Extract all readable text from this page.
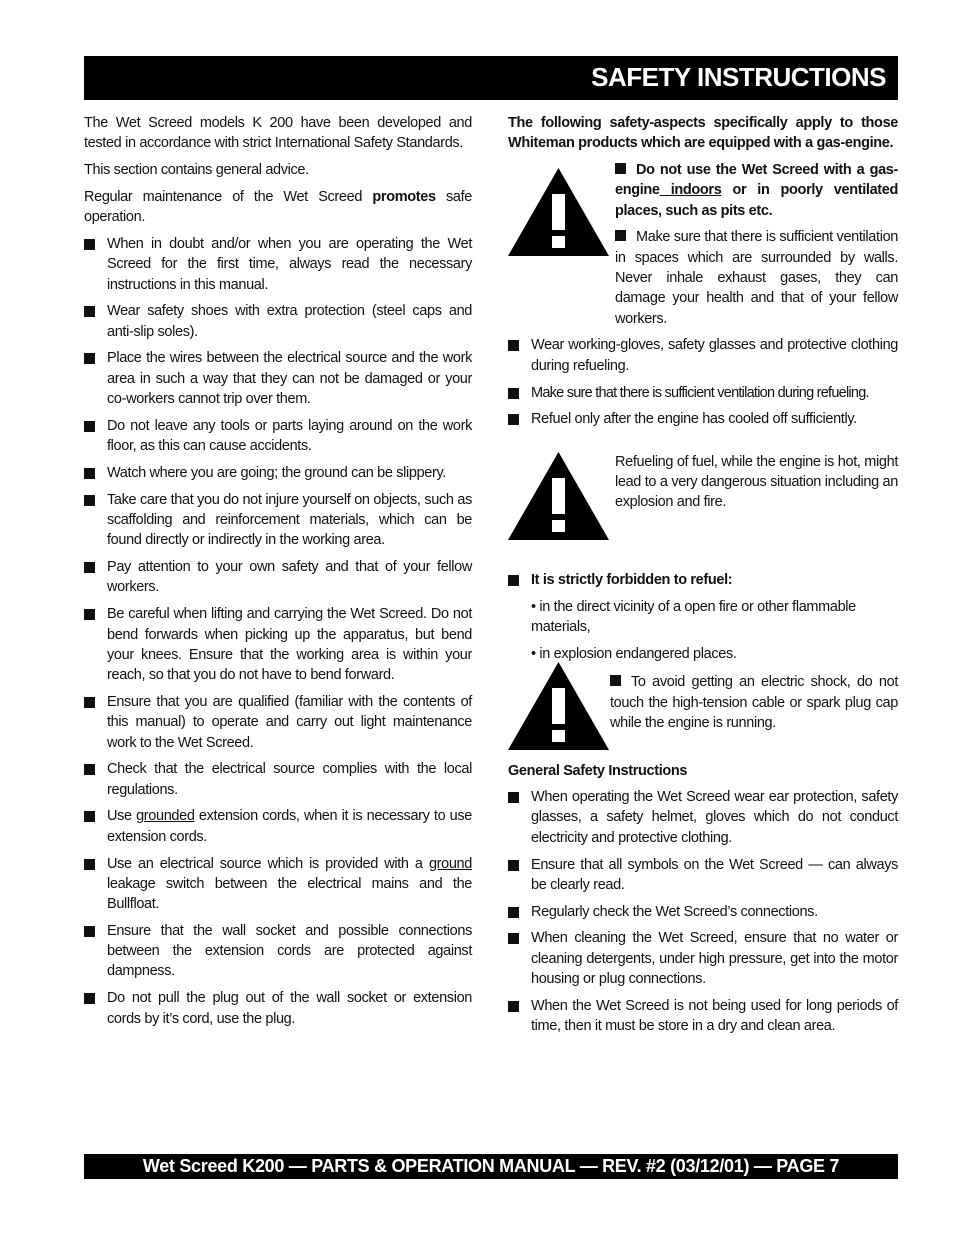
SAFETY INSTRUCTIONS

The Wet Screed models K 200 have been developed and tested in accordance with strict International Safety Standards.

This section contains general advice.

Regular maintenance of the Wet Screed promotes safe operation.

When in doubt and/or when you are operating the Wet Screed for the first time, always read the necessary instructions in this manual.
Wear safety shoes with extra protection (steel caps and anti-slip soles).
Place the wires between the electrical source and the work area in such a way that they can not be damaged or your co-workers cannot trip over them.
Do not leave any tools or parts laying around on the work floor, as this can cause accidents.
Watch where you are going; the ground can be slippery.
Take care that you do not injure yourself on objects, such as scaffolding and reinforcement materials, which can be found directly or indirectly in the working area.
Pay attention to your own safety and that of your fellow workers.
Be careful when lifting and carrying the Wet Screed. Do not bend forwards when picking up the apparatus, but bend your knees. Ensure that the working area is within your reach, so that you do not have to bend forward.
Ensure that you are qualified (familiar with the contents of this manual) to operate and carry out light maintenance work to the Wet Screed.
Check that the electrical source complies with the local regulations.
Use grounded extension cords, when it is necessary to use extension cords.
Use an electrical source which is provided with a ground leakage switch between the electrical mains and the Bullfloat.
Ensure that the wall socket and possible connections between the extension cords are protected against dampness.
Do not pull the plug out of the wall socket or extension cords by it’s cord, use the plug.

The following safety-aspects specifically apply to those Whiteman products which are equipped with a gas-engine.

Do not use the Wet Screed with a gas-engine indoors or in poorly ventilated places, such as pits etc.

Make sure that there is sufficient ventilation in spaces which are surrounded by walls. Never inhale exhaust gases, they can damage your health and that of your fellow workers.

Wear working-gloves, safety glasses and protective clothing during refueling.
Make sure that there is sufficient ventilation during refueling.
Refuel only after the engine has cooled off sufficiently.

Refueling of fuel, while the engine is hot, might lead to a very dangerous situation including an explosion and fire.

It is strictly forbidden to refuel:

• in the direct vicinity of a open fire or other flammable materials,

• in explosion endangered places.

To avoid getting an electric shock, do not touch the high-tension cable or spark plug cap while the engine is running.

General Safety Instructions
When operating the Wet Screed wear ear protection, safety glasses, a safety helmet, gloves which do not conduct electricity and protective clothing.
Ensure that all symbols on the Wet Screed — can always be clearly read.
Regularly check the Wet Screed’s connections.
When cleaning the Wet Screed, ensure that no water or cleaning detergents, under high pressure, get into the motor housing or plug connections.
When the Wet Screed is not being used for long periods of time, then it must be store in a dry and clean area.
Wet Screed K200 — PARTS & OPERATION MANUAL — REV. #2 (03/12/01) — PAGE 7
